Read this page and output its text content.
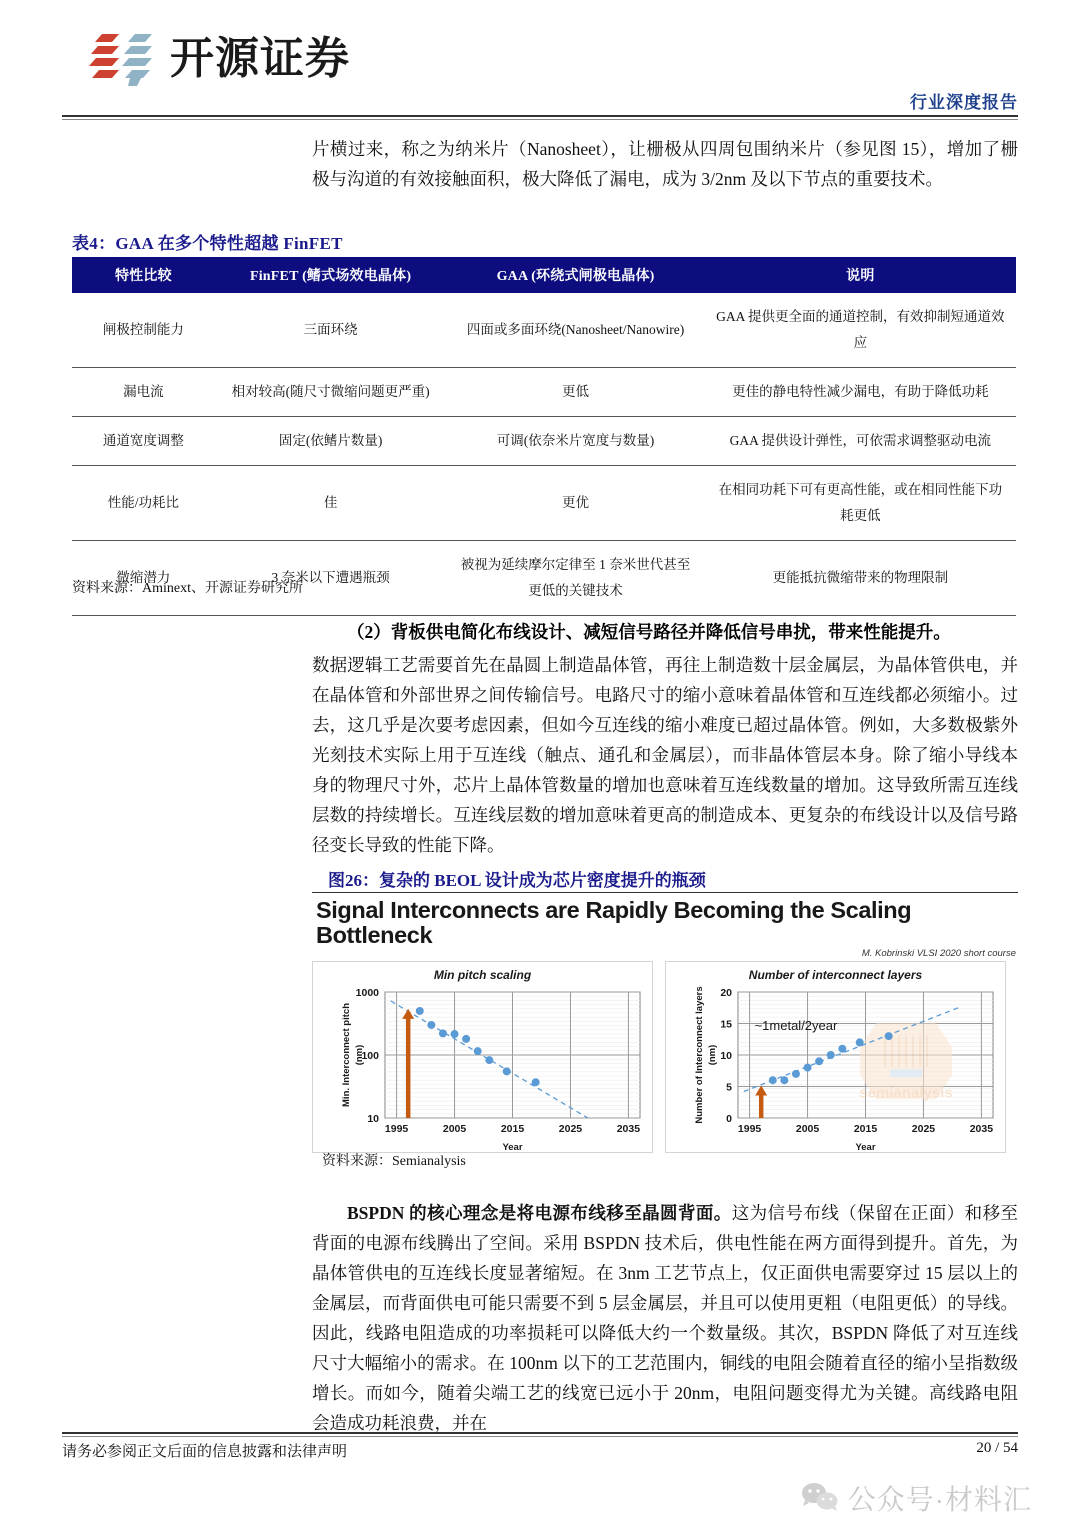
开源证券
行业深度报告
片横过来，称之为纳米片（Nanosheet），让栅极从四周包围纳米片（参见图 15），增加了栅极与沟道的有效接触面积，极大降低了漏电，成为 3/2nm 及以下节点的重要技术。
表4：GAA 在多个特性超越 FinFET
特性比较	FinFET (鳍式场效电晶体)	GAA (环绕式闸极电晶体)	说明
闸极控制能力	三面环绕	四面或多面环绕(Nanosheet/Nanowire)	GAA 提供更全面的通道控制，有效抑制短通道效应
漏电流	相对较高(随尺寸微缩问题更严重)	更低	更佳的静电特性减少漏电，有助于降低功耗
通道宽度调整	固定(依鳍片数量)	可调(依奈米片宽度与数量)	GAA 提供设计弹性，可依需求调整驱动电流
性能/功耗比	佳	更优	在相同功耗下可有更高性能，或在相同性能下功耗更低
微缩潜力	3 奈米以下遭遇瓶颈	被视为延续摩尔定律至 1 奈米世代甚至更低的关键技术	更能抵抗微缩带来的物理限制
资料来源：Aminext、开源证券研究所
（2）背板供电简化布线设计、减短信号路径并降低信号串扰，带来性能提升。
数据逻辑工艺需要首先在晶圆上制造晶体管，再往上制造数十层金属层，为晶体管供电，并在晶体管和外部世界之间传输信号。电路尺寸的缩小意味着晶体管和互连线都必须缩小。过去，这几乎是次要考虑因素，但如今互连线的缩小难度已超过晶体管。例如，大多数极紫外光刻技术实际上用于互连线（触点、通孔和金属层），而非晶体管层本身。除了缩小导线本身的物理尺寸外，芯片上晶体管数量的增加也意味着互连线数量的增加。这导致所需互连线层数的持续增长。互连线层数的增加意味着更高的制造成本、更复杂的布线设计以及信号路径变长导致的性能下降。
图26：复杂的 BEOL 设计成为芯片密度提升的瓶颈
Signal Interconnects are Rapidly Becoming the Scaling Bottleneck
M. Kobrinski VLSI 2020 short course
Min pitch scaling
10
100
1000
1995	2005	2015	2025	2035
Year
Min. Interconnect pitch (nm)
Number of interconnect layers
0
5
10
15
20
1995	2005	2015	2025	2035
semianalysis
~1metal/2year
Year
Number of Interconnect layers (nm)
资料来源：Semianalysis
BSPDN 的核心理念是将电源布线移至晶圆背面。这为信号布线（保留在正面）和移至背面的电源布线腾出了空间。采用 BSPDN 技术后，供电性能在两方面得到提升。首先，为晶体管供电的互连线长度显著缩短。在 3nm 工艺节点上，仅正面供电需要穿过 15 层以上的金属层，而背面供电可能只需要不到 5 层金属层，并且可以使用更粗（电阻更低）的导线。因此，线路电阻造成的功率损耗可以降低大约一个数量级。其次，BSPDN 降低了对互连线尺寸大幅缩小的需求。在 100nm 以下的工艺范围内，铜线的电阻会随着直径的缩小呈指数级增长。而如今，随着尖端工艺的线宽已远小于 20nm，电阻问题变得尤为关键。高线路电阻会造成功耗浪费，并在
请务必参阅正文后面的信息披露和法律声明	20 / 54
公众号·材料汇
